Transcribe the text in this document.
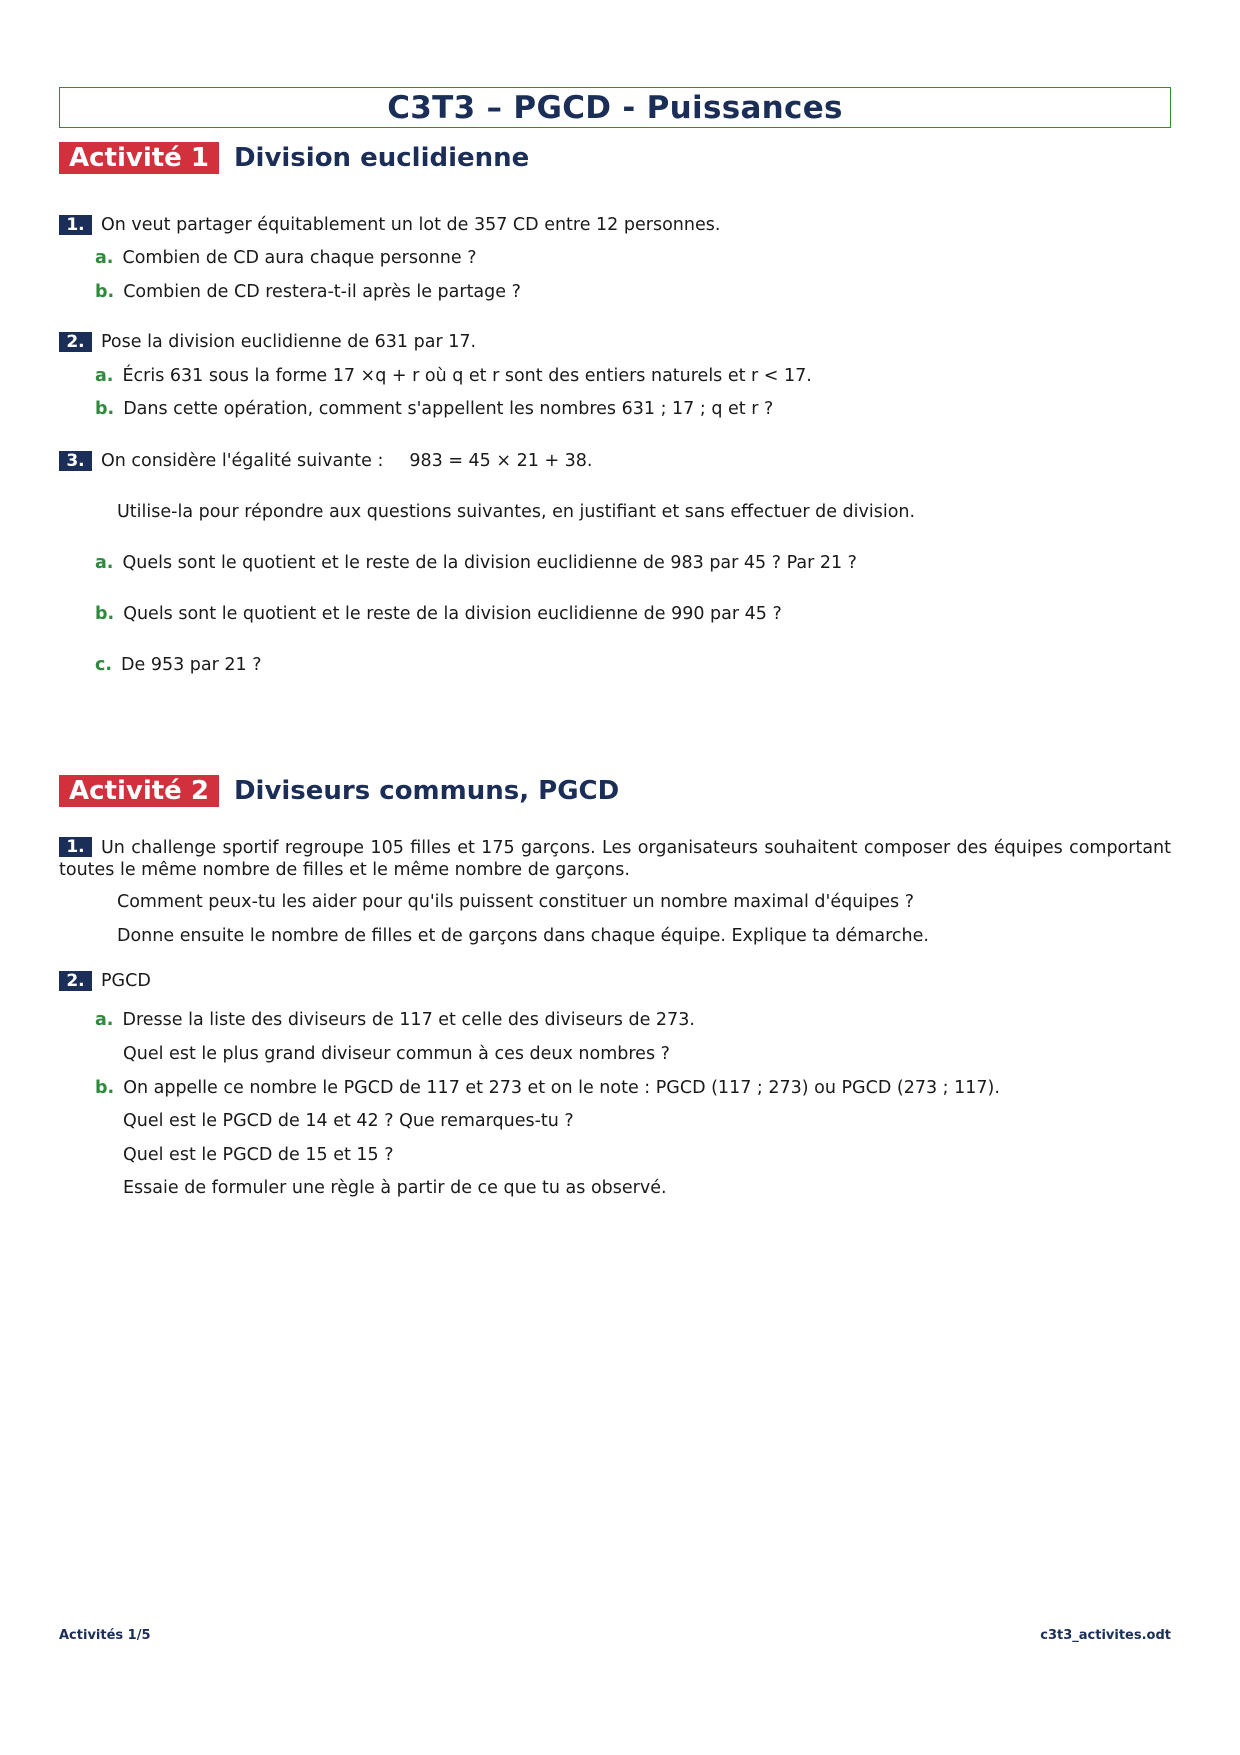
C3T3 – PGCD - Puissances
Activité 1 Division euclidienne
1. On veut partager équitablement un lot de 357 CD entre 12 personnes.
a. Combien de CD aura chaque personne ?
b. Combien de CD restera-t-il après le partage ?
2. Pose la division euclidienne de 631 par 17.
a. Écris 631 sous la forme 17 ×q + r où q et r sont des entiers naturels et r < 17.
b. Dans cette opération, comment s'appellent les nombres 631 ; 17 ; q et r ?
3. On considère l'égalité suivante : 983 = 45 × 21 + 38.
Utilise-la pour répondre aux questions suivantes, en justifiant et sans effectuer de division.
a. Quels sont le quotient et le reste de la division euclidienne de 983 par 45 ? Par 21 ?
b. Quels sont le quotient et le reste de la division euclidienne de 990 par 45 ?
c. De 953 par 21 ?
Activité 2 Diviseurs communs, PGCD
1. Un challenge sportif regroupe 105 filles et 175 garçons. Les organisateurs souhaitent composer des équipes comportant toutes le même nombre de filles et le même nombre de garçons.
Comment peux-tu les aider pour qu'ils puissent constituer un nombre maximal d'équipes ?
Donne ensuite le nombre de filles et de garçons dans chaque équipe. Explique ta démarche.
2. PGCD
a. Dresse la liste des diviseurs de 117 et celle des diviseurs de 273.
Quel est le plus grand diviseur commun à ces deux nombres ?
b. On appelle ce nombre le PGCD de 117 et 273 et on le note : PGCD (117 ; 273) ou PGCD (273 ; 117).
Quel est le PGCD de 14 et 42 ? Que remarques-tu ?
Quel est le PGCD de 15 et 15 ?
Essaie de formuler une règle à partir de ce que tu as observé.
Activités 1/5	c3t3_activites.odt
